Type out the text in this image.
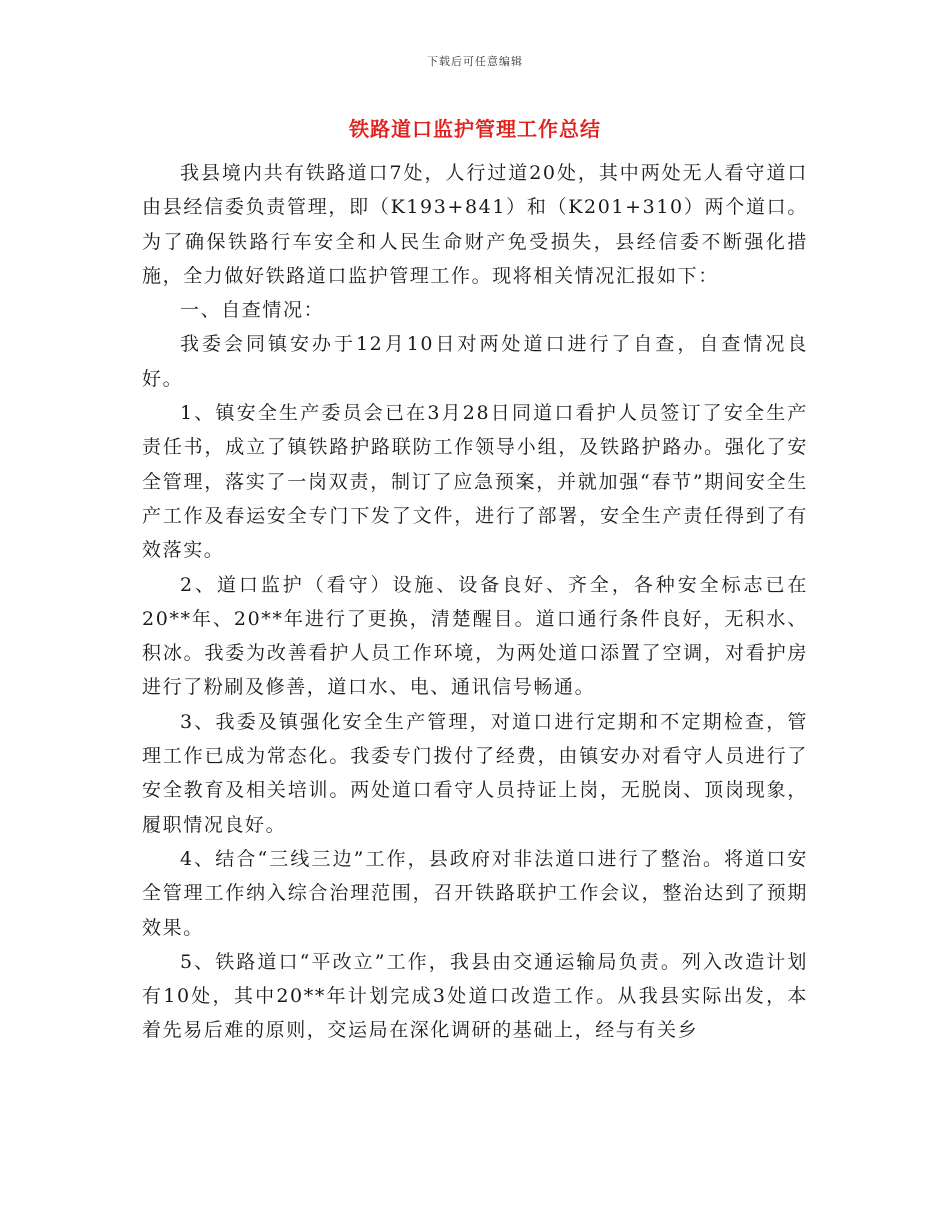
下载后可任意编辑
铁路道口监护管理工作总结

我县境内共有铁路道口7处，人行过道20处，其中两处无人看守道口由县经信委负责管理，即（K193+841）和（K201+310）两个道口。为了确保铁路行车安全和人民生命财产免受损失，县经信委不断强化措施，全力做好铁路道口监护管理工作。现将相关情况汇报如下：

一、自查情况：

我委会同镇安办于12月10日对两处道口进行了自查，自查情况良好。

1、镇安全生产委员会已在3月28日同道口看护人员签订了安全生产责任书，成立了镇铁路护路联防工作领导小组，及铁路护路办。强化了安全管理，落实了一岗双责，制订了应急预案，并就加强“春节”期间安全生产工作及春运安全专门下发了文件，进行了部署，安全生产责任得到了有效落实。

2、道口监护（看守）设施、设备良好、齐全，各种安全标志已在20**年、20**年进行了更换，清楚醒目。道口通行条件良好，无积水、积冰。我委为改善看护人员工作环境，为两处道口添置了空调，对看护房进行了粉刷及修善，道口水、电、通讯信号畅通。

3、我委及镇强化安全生产管理，对道口进行定期和不定期检查，管理工作已成为常态化。我委专门拨付了经费，由镇安办对看守人员进行了安全教育及相关培训。两处道口看守人员持证上岗，无脱岗、顶岗现象，履职情况良好。

4、结合“三线三边”工作，县政府对非法道口进行了整治。将道口安全管理工作纳入综合治理范围，召开铁路联护工作会议，整治达到了预期效果。

5、铁路道口“平改立”工作，我县由交通运输局负责。列入改造计划有10处，其中20**年计划完成3处道口改造工作。从我县实际出发，本着先易后难的原则，交运局在深化调研的基础上，经与有关乡
